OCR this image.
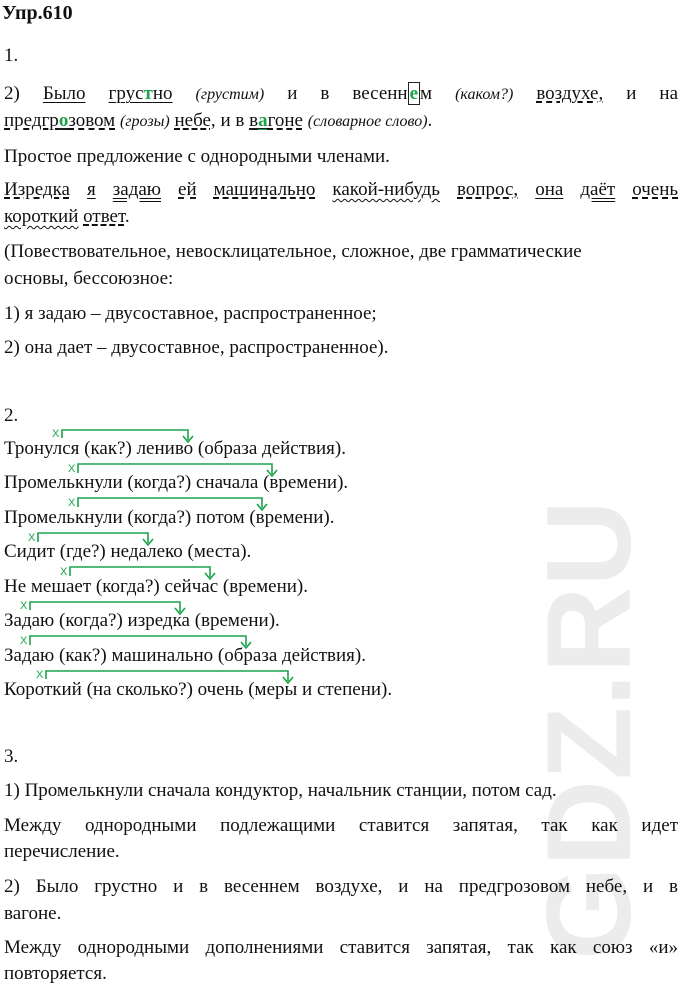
GDZ.RU
Упр.610
1.
2) Было грустно (грустим) и в весенн е м (каком?) воздухе, и на
предгрозовом (грозы) небе, и в вагоне (словарное слово).
Простое предложение с однородными членами.
Изредка я задаю ей машинально какой-нибудь вопрос, она даёт очень
короткий ответ.
(Повествовательное, невосклицательное, сложное, две грамматические
основы, бессоюзное:
1) я задаю – двусоставное, распространенное;
2) она дает – двусоставное, распространенное).
2.
Тронулся (как?) лениво (образа действия).
Промелькнули (когда?) сначала (времени).
Промелькнули (когда?) потом (времени).
Сидит (где?) недалеко (места).
Не мешает (когда?) сейчас (времени).
Задаю (когда?) изредка (времени).
Задаю (как?) машинально (образа действия).
Короткий (на сколько?) очень (меры и степени).
X
X
X
X
X
X
X
X
3.
1) Промелькнули сначала кондуктор, начальник станции, потом сад.
Между однородными подлежащими ставится запятая, так как идет
перечисление.
2) Было грустно и в весеннем воздухе, и на предгрозовом небе, и в
вагоне.
Между однородными дополнениями ставится запятая, так как союз «и»
повторяется.
